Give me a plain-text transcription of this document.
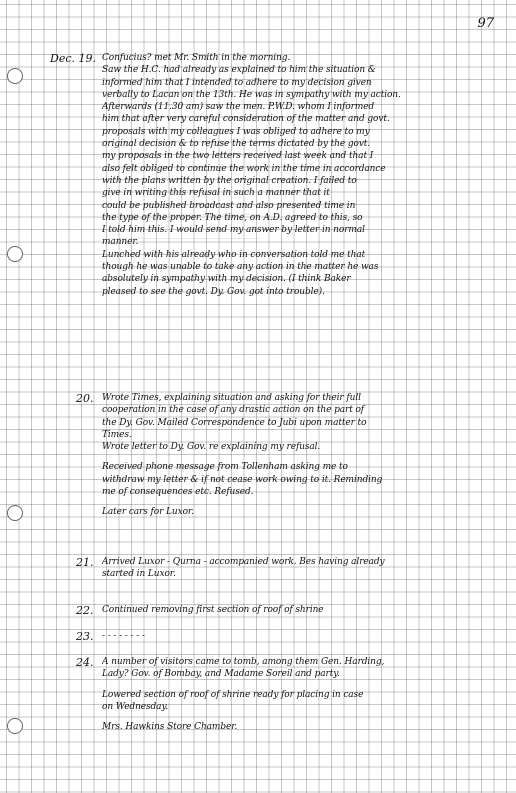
97
Dec. 19. Confucius? met Mr. Smith in the morning.
Saw the H.C. had already as explained to him the situation &
informed him that I intended to adhere to my decision given
verbally to Lacan on the 13th. He was in sympathy with my action.
Afterwards (11.30 am) saw the men. P.W.D. whom I informed
him that after very careful consideration of the matter and govt.
proposals with my colleagues I was obliged to adhere to my
original decision & to refuse the terms dictated by the govt.
my proposals in the two letters received last week and that I
also felt obliged to continue the work in the time in accordance
with the plans written by the original creation. I failed to
give in writing this refusal in such a manner that it
could be published broadcast and also presented time in
the type of the proper. The time, on A.D. agreed to this, so
I told him this. I would send my answer by letter in normal
manner.
Lunched with his already who in conversation told me that
though he was unable to take any action in the matter he was
absolutely in sympathy with my decision. (I think Baker
pleased to see the govt. Dy. Gov. got into trouble).
20. Wrote Times, explaining situation and asking for their full
cooperation in the case of any drastic action on the part of
the Dy. Gov. Mailed Correspondence to Jubi upon matter to
Times.
Wrote letter to Dy. Gov. re explaining my refusal.
Received phone message from Tollenham asking me to
withdraw my letter & if not cease work owing to it. Reminding
me of consequences etc. Refused.
Later cars for Luxor.
21. Arrived Luxor - Qurna - accompanied work. Bes having already
started in Luxor.
22. Continued removing first section of roof of shrine
23. - - - - - - - -
24. A number of visitors came to tomb, among them Gen. Harding,
Lady? Gov. of Bombay, and Madame Soreil and party.
Lowered section of roof of shrine ready for placing in case
on Wednesday.
Mrs. Hawkins Store Chamber.
